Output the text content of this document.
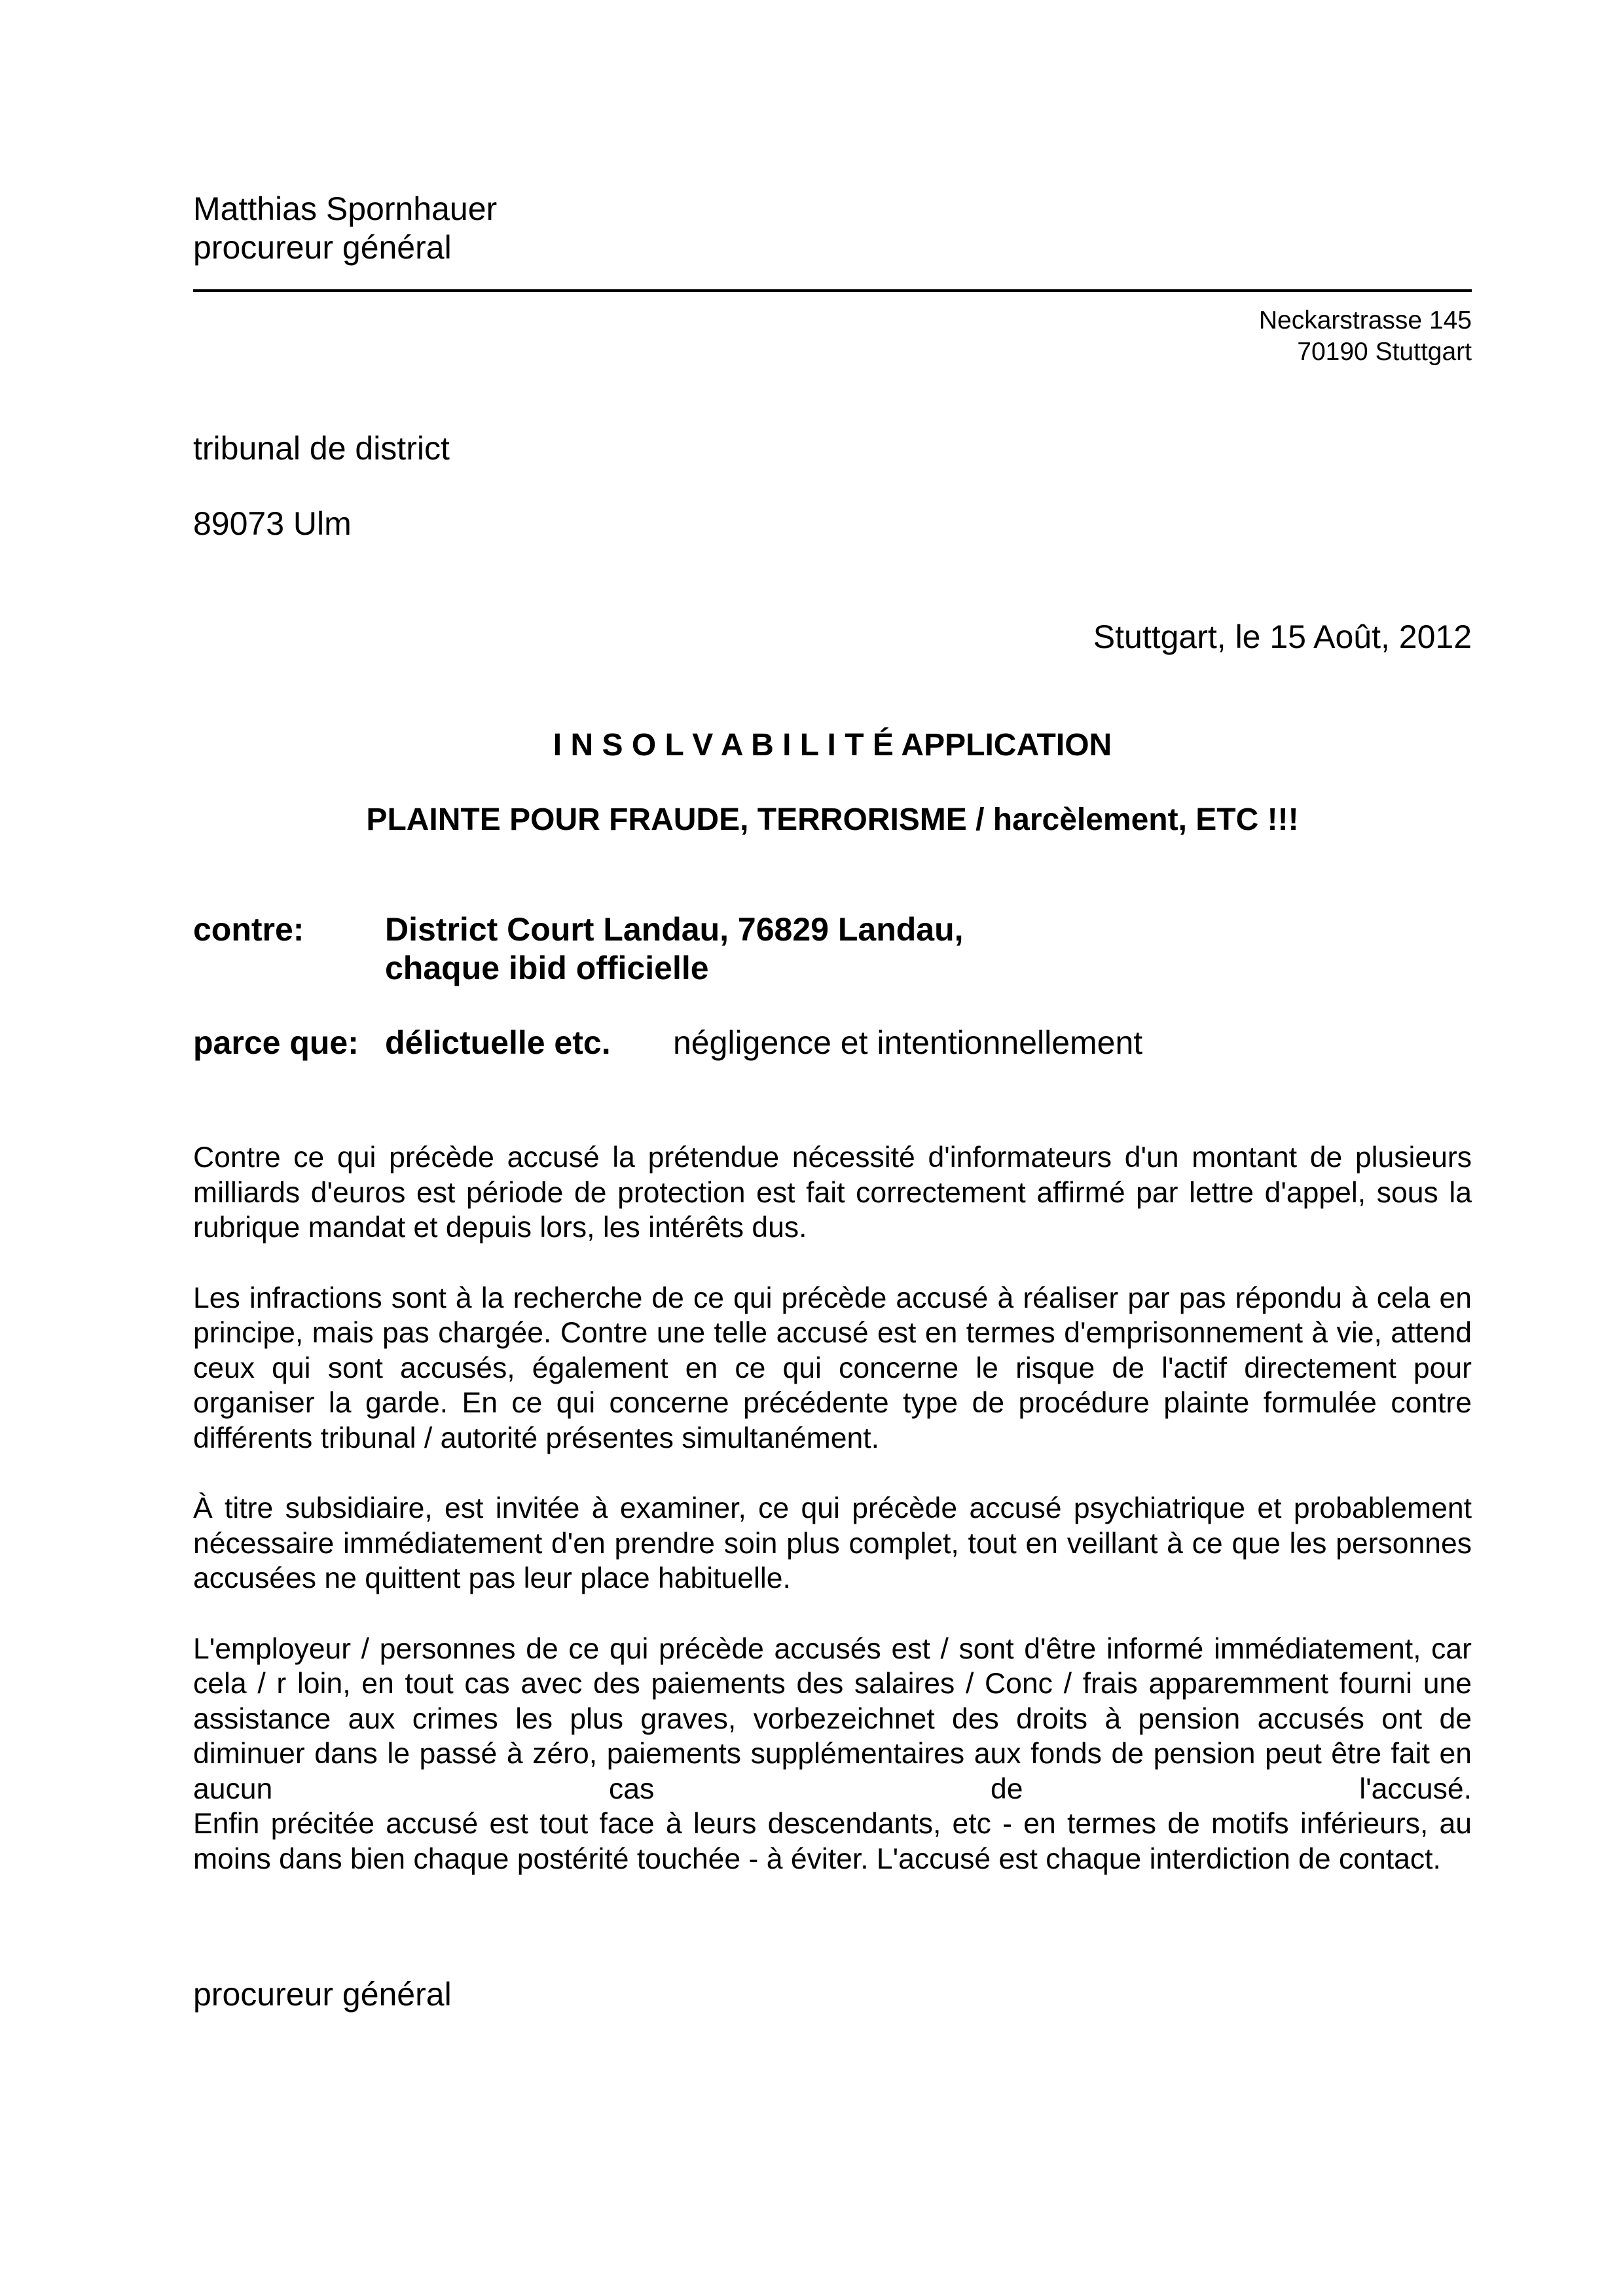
Matthias Spornhauer
procureur général
Neckarstrasse 145
70190 Stuttgart
tribunal de district
89073 Ulm
Stuttgart, le 15 Août, 2012
I N S O L V A B I L I T É APPLICATION
PLAINTE POUR FRAUDE, TERRORISME / harcèlement, ETC !!!
contre: District Court Landau, 76829 Landau,
chaque ibid officielle
parce que: délictuelle etc. négligence et intentionnellement

Contre ce qui précède accusé la prétendue nécessité d'informateurs d'un montant de plusieurs milliards d'euros est période de protection est fait correctement affirmé par lettre d'appel, sous la rubrique mandat et depuis lors, les intérêts dus.

Les infractions sont à la recherche de ce qui précède accusé à réaliser par pas répondu à cela en principe, mais pas chargée. Contre une telle accusé est en termes d'emprisonnement à vie, attend ceux qui sont accusés, également en ce qui concerne le risque de l'actif directement pour organiser la garde. En ce qui concerne précédente type de procédure plainte formulée contre différents tribunal / autorité présentes simultanément.

À titre subsidiaire, est invitée à examiner, ce qui précède accusé psychiatrique et probablement nécessaire immédiatement d'en prendre soin plus complet, tout en veillant à ce que les personnes accusées ne quittent pas leur place habituelle.

L'employeur / personnes de ce qui précède accusés est / sont d'être informé immédiatement, car cela / r loin, en tout cas avec des paiements des salaires / Conc / frais apparemment fourni une assistance aux crimes les plus graves, vorbezeichnet des droits à pension accusés ont de diminuer dans le passé à zéro, paiements supplémentaires aux fonds de pension peut être fait en aucun cas de l'accusé.

Enfin précitée accusé est tout face à leurs descendants, etc - en termes de motifs inférieurs, au moins dans bien chaque postérité touchée - à éviter. L'accusé est chaque interdiction de contact.

procureur général
